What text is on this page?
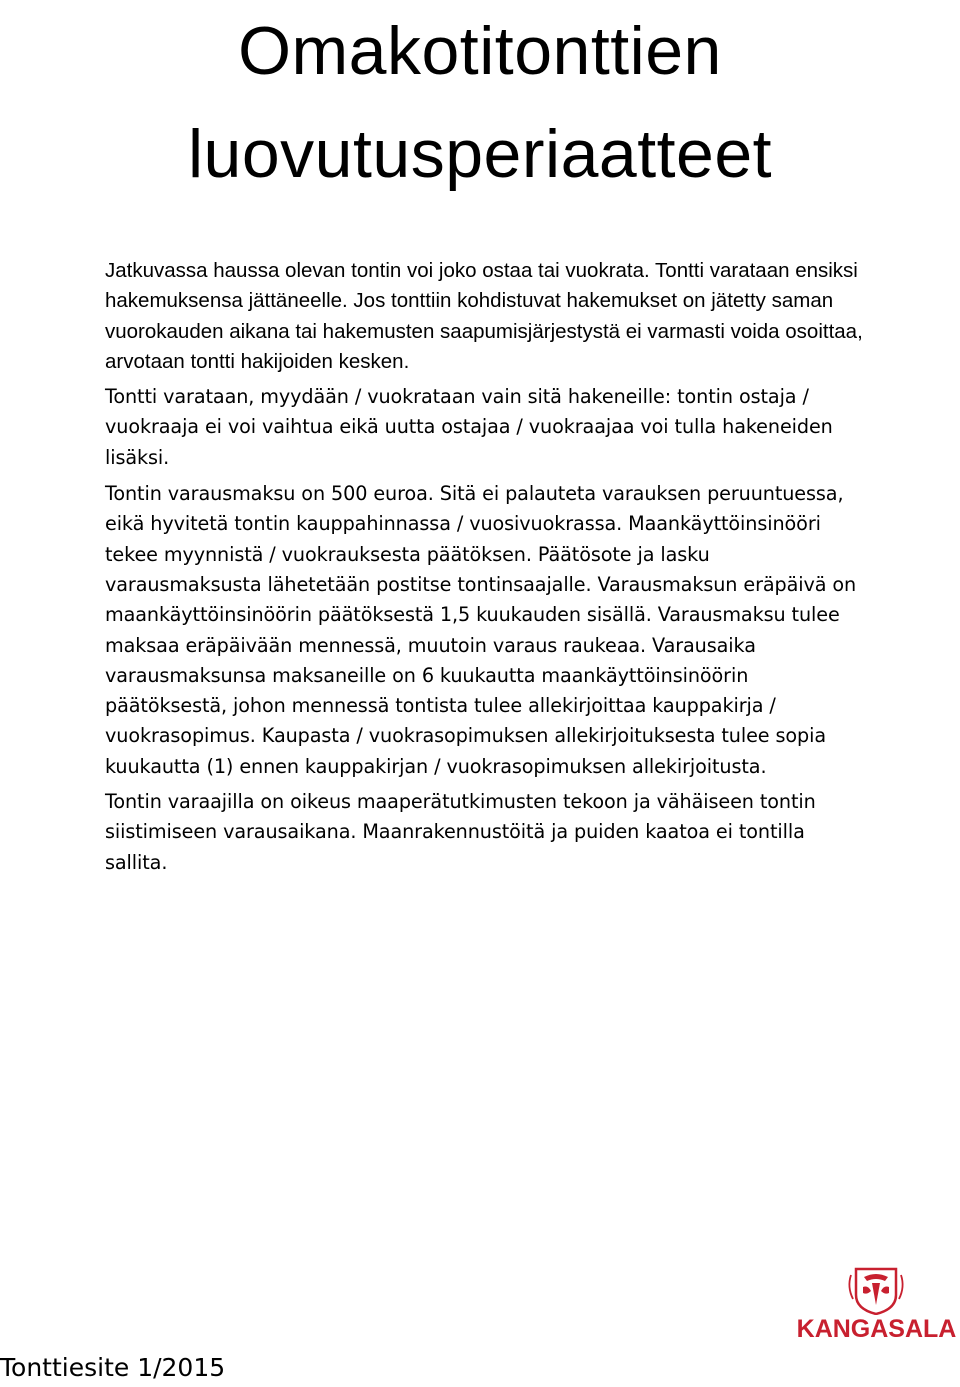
Omakotitonttien
luovutusperiaatteet

Jatkuvassa haussa olevan tontin voi joko ostaa tai vuokrata. Tontti varataan ensiksi hakemuksensa jättäneelle. Jos tonttiin kohdistuvat hakemukset on jätetty saman vuorokauden aikana tai hakemusten saapumisjärjestystä ei varmasti voida osoittaa, arvotaan tontti hakijoiden kesken.

Tontti varataan, myydään / vuokrataan vain sitä hakeneille: tontin ostaja / vuokraaja ei voi vaihtua eikä uutta ostajaa / vuokraajaa voi tulla hakeneiden lisäksi.

Tontin varausmaksu on 500 euroa. Sitä ei palauteta varauksen peruuntuessa, eikä hyvitetä tontin kauppahinnassa / vuosivuokrassa. Maankäyttöinsinööri tekee myynnistä / vuokrauksesta päätöksen. Päätösote ja lasku varausmaksusta lähetetään postitse tontinsaajalle. Varausmaksun eräpäivä on maankäyttöinsinöörin päätöksestä 1,5 kuukauden sisällä. Varausmaksu tulee maksaa eräpäivään mennessä, muutoin varaus raukeaa. Varausaika varausmaksunsa maksaneille on 6 kuukautta maankäyttöinsinöörin päätöksestä, johon mennessä tontista tulee allekirjoittaa kauppakirja / vuokrasopimus. Kaupasta / vuokrasopimuksen allekirjoituksesta tulee sopia kuukautta (1) ennen kauppakirjan / vuokrasopimuksen allekirjoitusta.

Tontin varaajilla on oikeus maaperätutkimusten tekoon ja vähäiseen tontin siistimiseen varausaikana. Maanrakennustöitä ja puiden kaatoa ei tontilla sallita.

Tonttiesite 1/2015
KANGASALA
